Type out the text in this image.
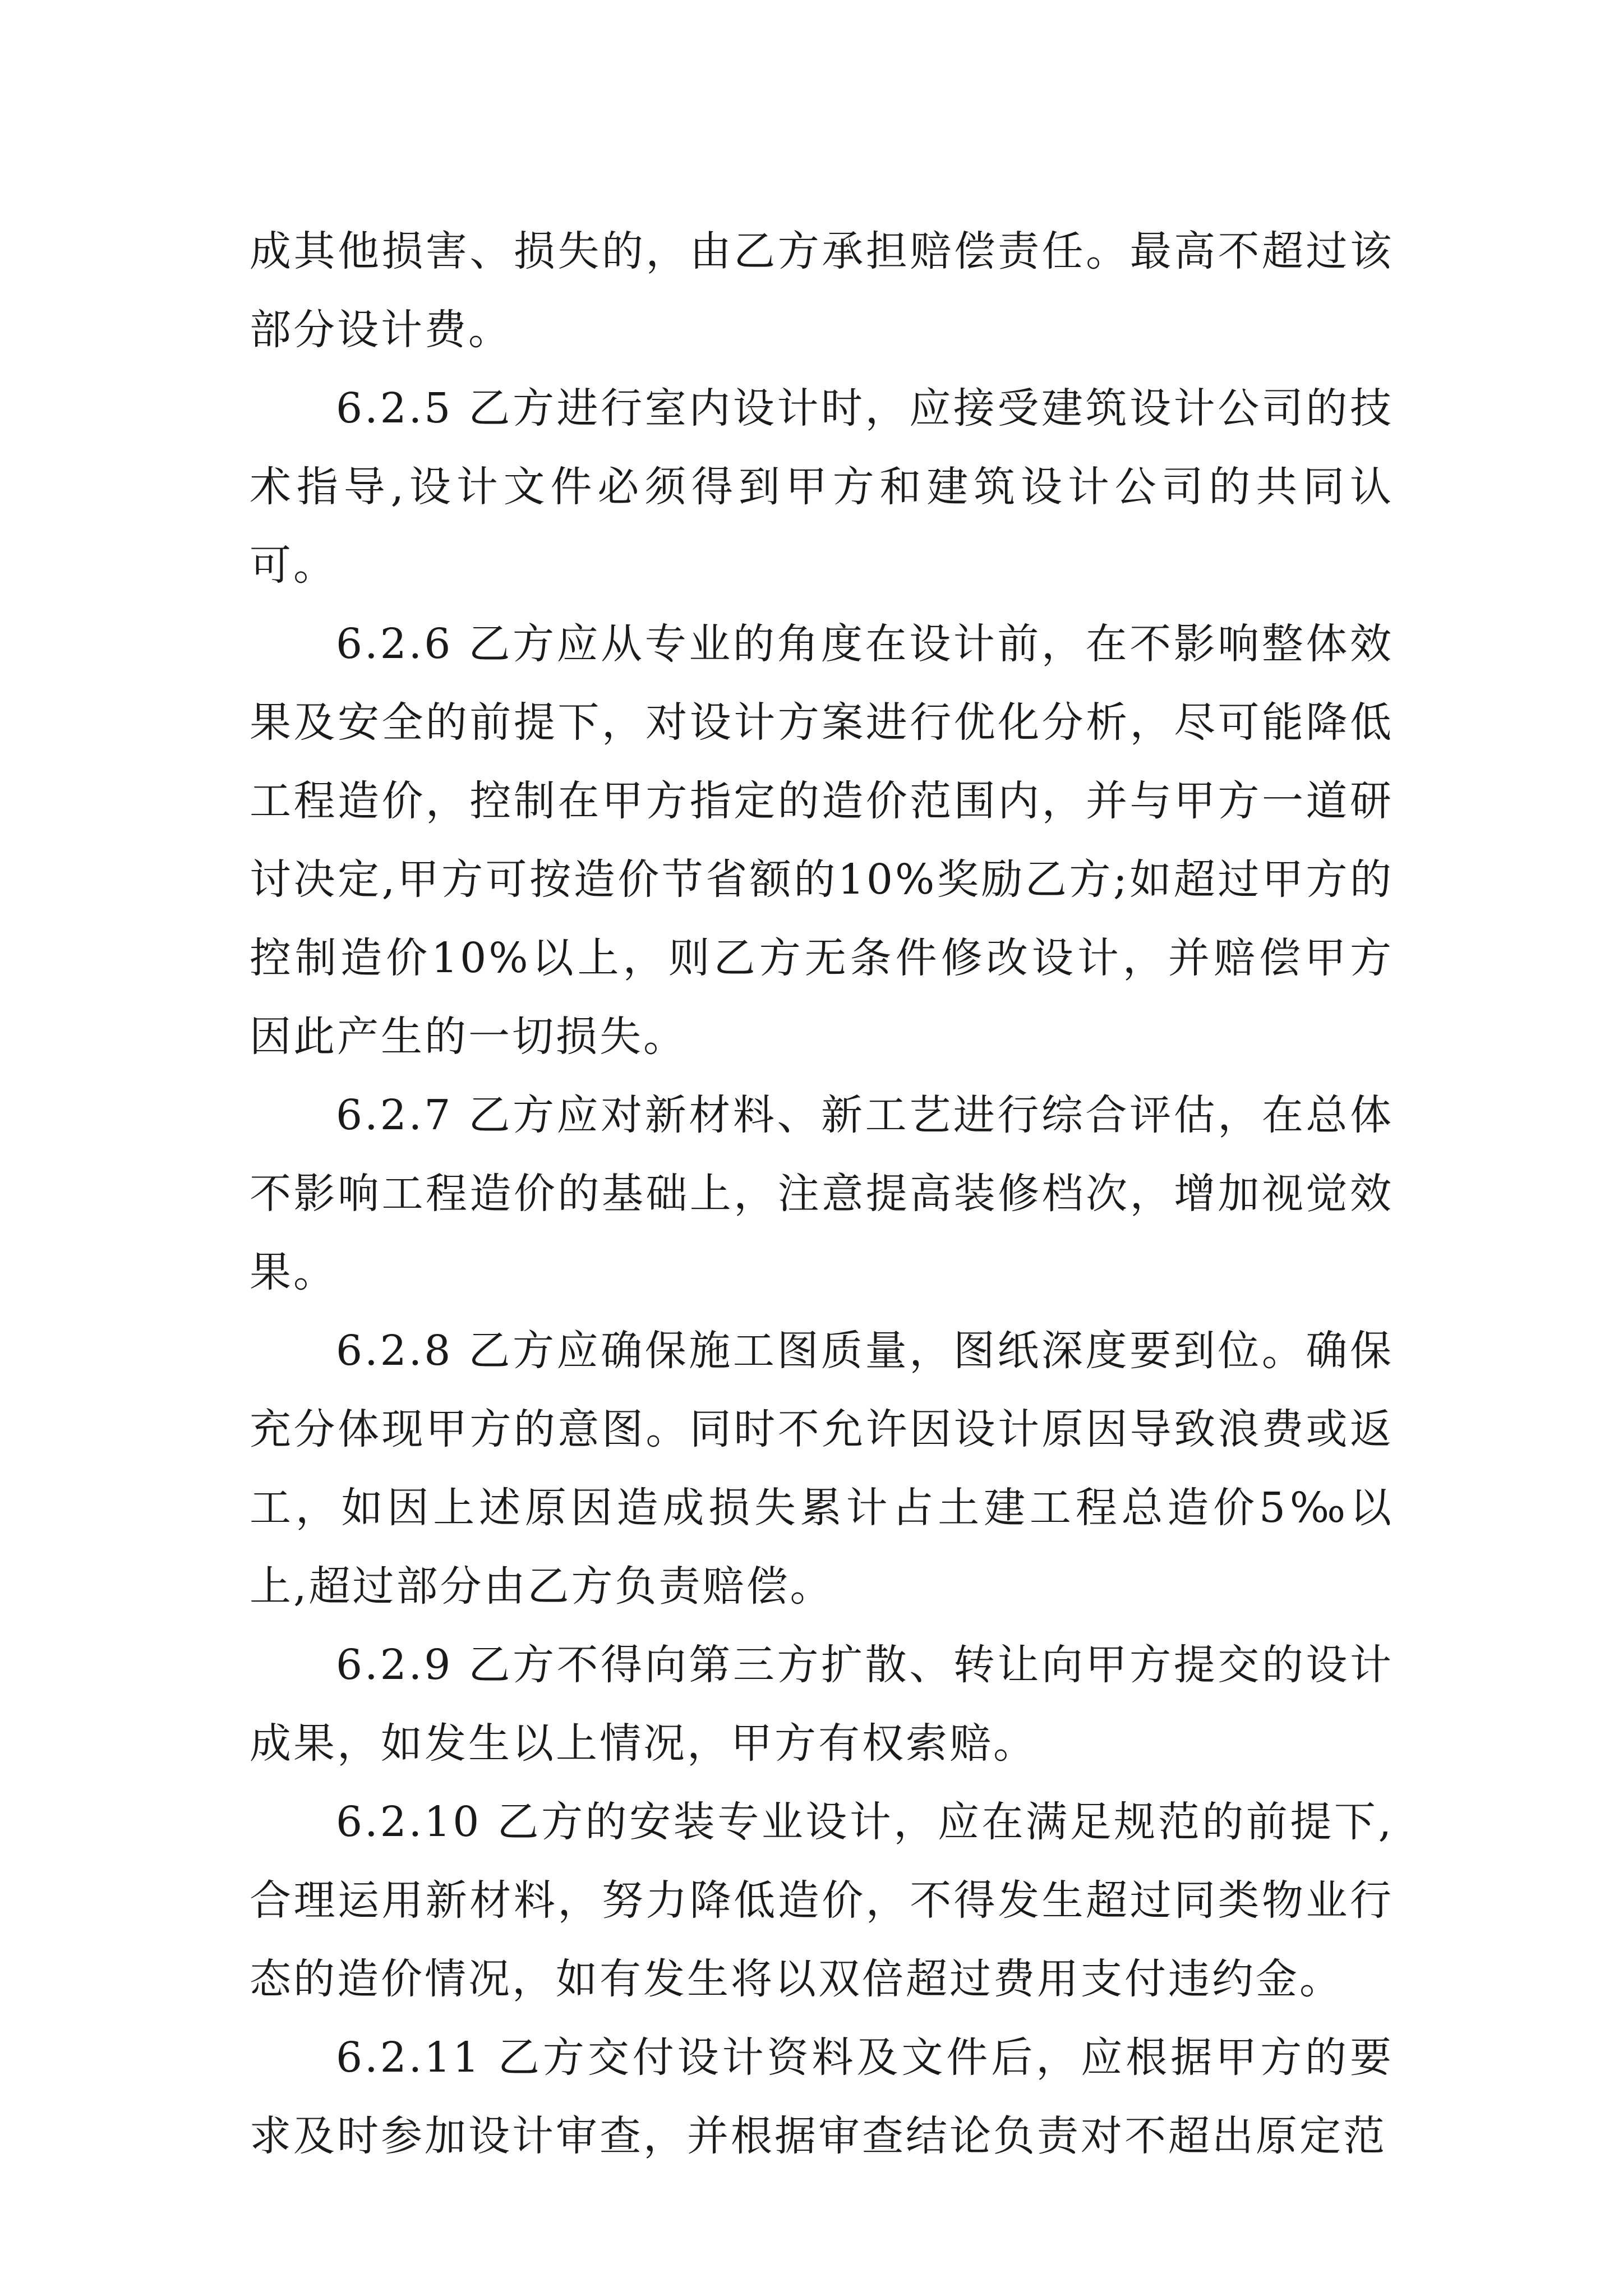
成其他损害、损失的，由乙方承担赔偿责任。最高不超过该部分设计费。

6.2.5 乙方进行室内设计时，应接受建筑设计公司的技术指导,设计文件必须得到甲方和建筑设计公司的共同认可。

6.2.6 乙方应从专业的角度在设计前，在不影响整体效果及安全的前提下，对设计方案进行优化分析，尽可能降低工程造价，控制在甲方指定的造价范围内，并与甲方一道研讨决定,甲方可按造价节省额的10%奖励乙方;如超过甲方的控制造价10%以上，则乙方无条件修改设计，并赔偿甲方因此产生的一切损失。

6.2.7 乙方应对新材料、新工艺进行综合评估，在总体不影响工程造价的基础上，注意提高装修档次，增加视觉效果。

6.2.8 乙方应确保施工图质量，图纸深度要到位。确保充分体现甲方的意图。同时不允许因设计原因导致浪费或返工，如因上述原因造成损失累计占土建工程总造价5‰以上,超过部分由乙方负责赔偿。

6.2.9 乙方不得向第三方扩散、转让向甲方提交的设计成果，如发生以上情况，甲方有权索赔。

6.2.10 乙方的安装专业设计，应在满足规范的前提下,合理运用新材料，努力降低造价，不得发生超过同类物业行态的造价情况，如有发生将以双倍超过费用支付违约金。

6.2.11 乙方交付设计资料及文件后，应根据甲方的要求及时参加设计审查，并根据审查结论负责对不超出原定范
